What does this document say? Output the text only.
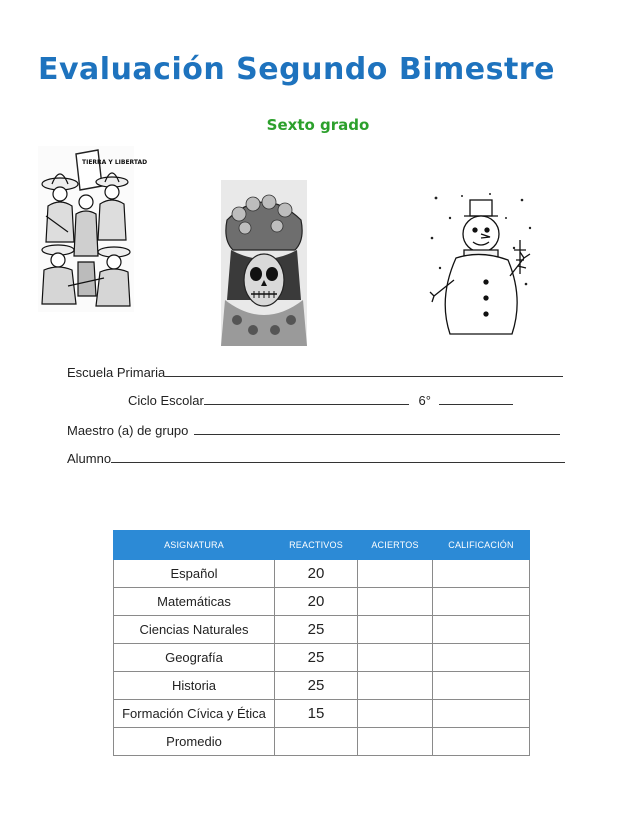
Evaluación Segundo Bimestre
Sexto grado
TIERRA Y LIBERTAD
Escuela Primaria
Ciclo Escolar	6°
Maestro (a) de grupo
Alumno
ASIGNATURA	REACTIVOS	ACIERTOS	CALIFICACIÓN
Español	20		
Matemáticas	20		
Ciencias Naturales	25		
Geografía	25		
Historia	25		
Formación Cívica y Ética	15		
Promedio			
